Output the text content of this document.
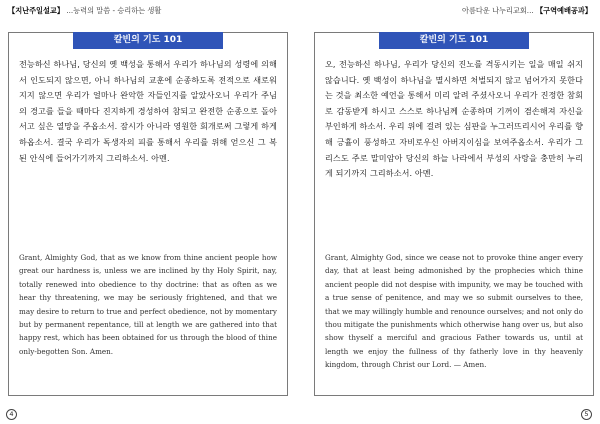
【지난주일설교】 ...능력의 말씀 - 승리하는 생활
칼빈의 기도 101
전능하신 하나님, 당신의 옛 백성을 통해서 우리가 하나님의 성령에 의해서 인도되지 않으면, 아니 하나님의 교훈에 순종하도록 전적으로 새로워지지 않으면 우리가 얼마나 완악한 자들인지를 알았사오니 우리가 주님의 경고를 들을 때마다 진지하게 경성하여 참되고 완전한 순종으로 돌아서고 싶은 열망을 주옵소서. 잠시가 아니라 영원한 회개로써 그렇게 하게 하옵소서. 결국 우리가 독생자의 피를 통해서 우리를 위해 얻으신 그 복된 안식에 들어가기까지 그리하소서. 아멘.
Grant, Almighty God, that as we know from thine ancient people how great our hardness is, unless we are inclined by thy Holy Spirit, nay, totally renewed into obedience to thy doctrine: that as often as we hear thy threatening, we may be seriously frightened, and that we may desire to return to true and perfect obedience, not by momentary but by permanent repentance, till at length we are gathered into that happy rest, which has been obtained for us through the blood of thine only-begotten Son. Amen.
4
아름다운 나누리교회... 【구역예배공과】
칼빈의 기도 101
오, 전능하신 하나님, 우리가 당신의 진노를 격동시키는 일을 매일 쉬지 않습니다. 옛 백성이 하나님을 멸시하면 처벌되지 않고 넘어가지 못한다는 것을 최소한 예언을 통해서 미리 알려 주셨사오니 우리가 진정한 참회로 감동받게 하시고 스스로 하나님께 순종하며 기꺼이 겸손해져 자신을 부인하게 하소서. 우리 위에 걸려 있는 심판을 누그러뜨리시어 우리를 향해 긍휼이 풍성하고 자비로우신 아버지이심을 보여주옵소서. 우리가 그리스도 주로 말미암아 당신의 하늘 나라에서 부성의 사랑을 충만히 누리게 되기까지 그리하소서. 아멘.
Grant, Almighty God, since we cease not to provoke thine anger every day, that at least being admonished by the prophecies which thine ancient people did not despise with impunity, we may be touched with a true sense of penitence, and may we so submit ourselves to thee, that we may willingly humble and renounce ourselves; and not only do thou mitigate the punishments which otherwise hang over us, but also show thyself a merciful and gracious Father towards us, until at length we enjoy the fullness of thy fatherly love in thy heavenly kingdom, through Christ our Lord. — Amen.
5
